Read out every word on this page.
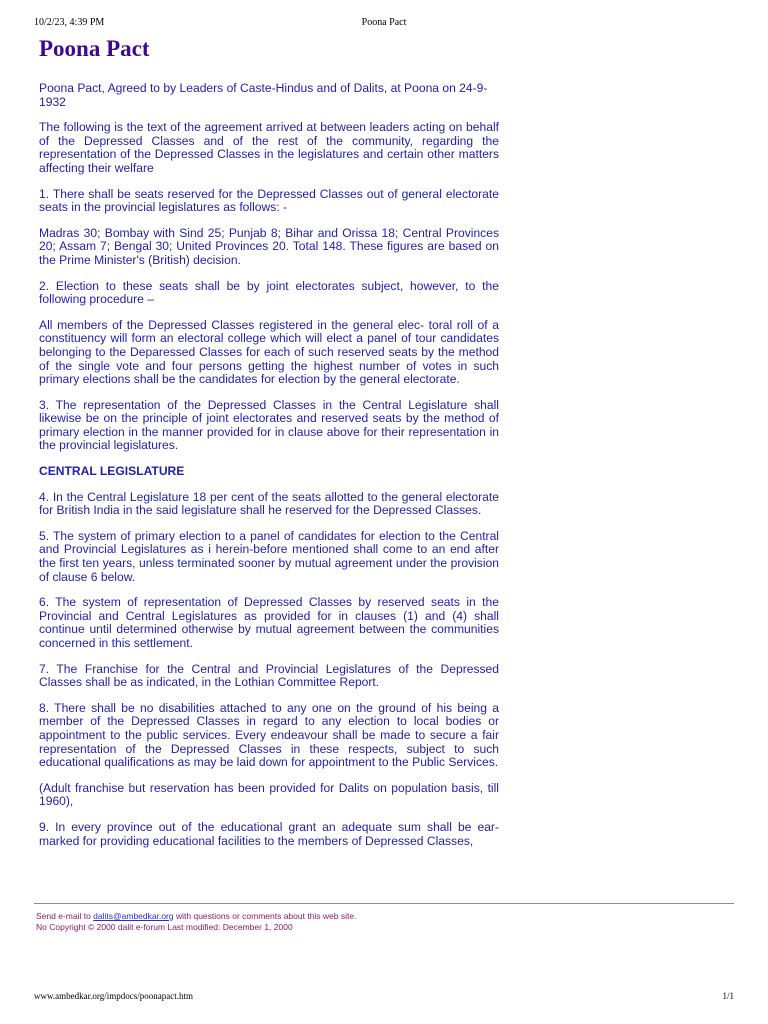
10/2/23, 4:39 PM	Poona Pact
Poona Pact

Poona Pact, Agreed to by Leaders of Caste-Hindus and of Dalits, at Poona on 24-9-1932

The following is the text of the agreement arrived at between leaders acting on behalf of the Depressed Classes and of the rest of the community, regarding the representation of the Depressed Classes in the legislatures and certain other matters affecting their welfare

1. There shall be seats reserved for the Depressed Classes out of general electorate seats in the provincial legislatures as follows: -

Madras 30; Bombay with Sind 25; Punjab 8; Bihar and Orissa 18; Central Provinces 20; Assam 7; Bengal 30; United Provinces 20. Total 148. These figures are based on the Prime Minister's (British) decision.

2. Election to these seats shall be by joint electorates subject, however, to the following procedure –

All members of the Depressed Classes registered in the general elec- toral roll of a constituency will form an electoral college which will elect a panel of tour candidates belonging to the Deparessed Classes for each of such reserved seats by the method of the single vote and four persons getting the highest number of votes in such primary elections shall be the candidates for election by the general electorate.

3. The representation of the Depressed Classes in the Central Legislature shall likewise be on the principle of joint electorates and reserved seats by the method of primary election in the manner provided for in clause above for their representation in the provincial legislatures.

CENTRAL LEGISLATURE

4. In the Central Legislature 18 per cent of the seats allotted to the general electorate for British India in the said legislature shall he reserved for the Depressed Classes.

5. The system of primary election to a panel of candidates for election to the Central and Provincial Legislatures as i herein-before mentioned shall come to an end after the first ten years, unless terminated sooner by mutual agreement under the provision of clause 6 below.

6. The system of representation of Depressed Classes by reserved seats in the Provincial and Central Legislatures as provided for in clauses (1) and (4) shall continue until determined otherwise by mutual agreement between the communities concerned in this settlement.

7. The Franchise for the Central and Provincial Legislatures of the Depressed Classes shall be as indicated, in the Lothian Committee Report.

8. There shall be no disabilities attached to any one on the ground of his being a member of the Depressed Classes in regard to any election to local bodies or appointment to the public services. Every endeavour shall be made to secure a fair representation of the Depressed Classes in these respects, subject to such educational qualifications as may be laid down for appointment to the Public Services.

(Adult franchise but reservation has been provided for Dalits on population basis, till 1960),

9. In every province out of the educational grant an adequate sum shall be ear-marked for providing educational facilities to the members of Depressed Classes,

Send e-mail to dalits@ambedkar.org with questions or comments about this web site.
No Copyright © 2000 dalit e-forum Last modified: December 1, 2000
www.ambedkar.org/impdocs/poonapact.htm	1/1
